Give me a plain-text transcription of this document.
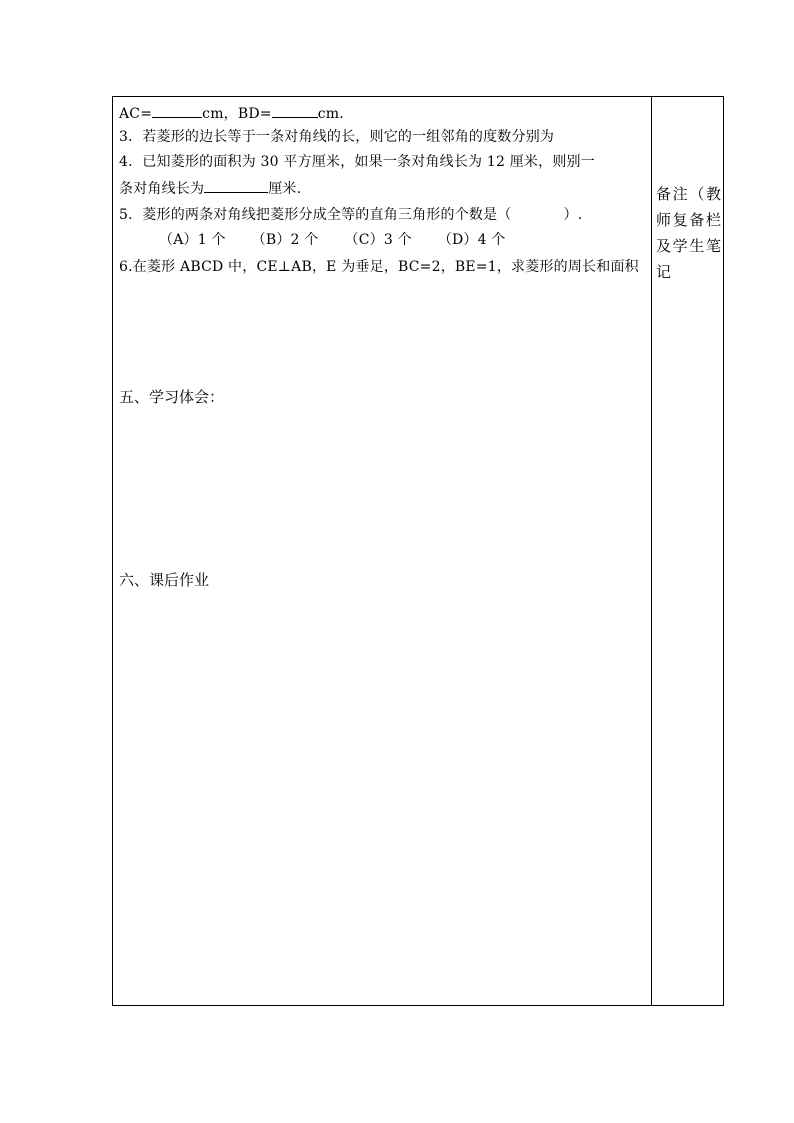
AC=	cm，BD=	cm.
3．若菱形的边长等于一条对角线的长，则它的一组邻角的度数分别为
4．已知菱形的面积为 30 平方厘米，如果一条对角线长为 12 厘米，则别一
条对角线长为	厘米.
5．菱形的两条对角线把菱形分成全等的直角三角形的个数是（	）.
（A）1 个 （B）2 个 （C）3 个 （D）4 个
6.在菱形 ABCD 中，CE⊥AB，E 为垂足，BC=2，BE=1，求菱形的周长和面积
五、学习体会：
六、课后作业
备注（教师复备栏及学生笔记
